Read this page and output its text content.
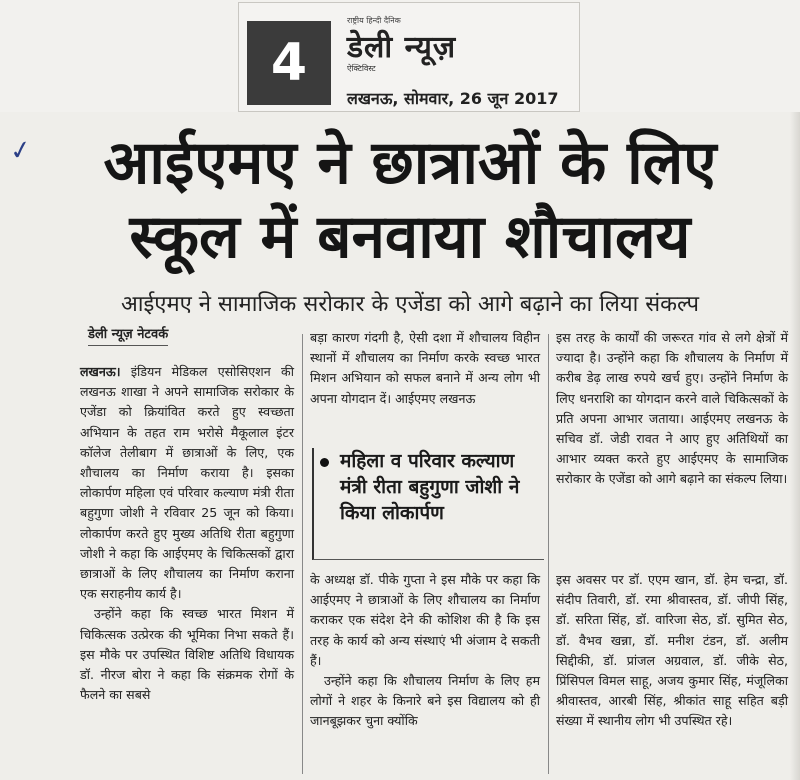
4
राष्ट्रीय हिन्दी दैनिक
डेली न्यूज़
ऐक्टिविस्ट
लखनऊ, सोमवार, 26 जून 2017
✓	आईएमए ने छात्राओं के लिए
स्कूल में बनवाया शौचालय
आईएमए ने सामाजिक सरोकार के एजेंडा को आगे बढ़ाने का लिया संकल्प
डेली न्यूज़ नेटवर्क

लखनऊ। इंडियन मेडिकल एसोसिएशन की लखनऊ शाखा ने अपने सामाजिक सरोकार के एजेंडा को क्रियांवित करते हुए स्वच्छता अभियान के तहत राम भरोसे मैकूलाल इंटर कॉलेज तेलीबाग में छात्राओं के लिए, एक शौचालय का निर्माण कराया है। इसका लोकार्पण महिला एवं परिवार कल्याण मंत्री रीता बहुगुणा जोशी ने रविवार 25 जून को किया। लोकार्पण करते हुए मुख्य अतिथि रीता बहुगुणा जोशी ने कहा कि आईएमए के चिकित्सकों द्वारा छात्राओं के लिए शौचालय का निर्माण कराना एक सराहनीय कार्य है।

उन्होंने कहा कि स्वच्छ भारत मिशन में चिकित्सक उत्प्रेरक की भूमिका निभा सकते हैं। इस मौके पर उपस्थित विशिष्ट अतिथि विधायक डॉ. नीरज बोरा ने कहा कि संक्रमक रोगों के फैलने का सबसे

बड़ा कारण गंदगी है, ऐसी दशा में शौचालय विहीन स्थानों में शौचालय का निर्माण करके स्वच्छ भारत मिशन अभियान को सफल बनाने में अन्य लोग भी अपना योगदान दें। आईएमए लखनऊ
महिला व परिवार कल्याण मंत्री रीता बहुगुणा जोशी ने किया लोकार्पण

के अध्यक्ष डॉ. पीके गुप्ता ने इस मौके पर कहा कि आईएमए ने छात्राओं के लिए शौचालय का निर्माण कराकर एक संदेश देने की कोशिश की है कि इस तरह के कार्य को अन्य संस्थाएं भी अंजाम दे सकती हैं।

उन्होंने कहा कि शौचालय निर्माण के लिए हम लोगों ने शहर के किनारे बने इस विद्यालय को ही जानबूझकर चुना क्योंकि

इस तरह के कार्यों की जरूरत गांव से लगे क्षेत्रों में ज्यादा है। उन्होंने कहा कि शौचालय के निर्माण में करीब डेढ़ लाख रुपये खर्च हुए। उन्होंने निर्माण के लिए धनराशि का योगदान करने वाले चिकित्सकों के प्रति अपना आभार जताया। आईएमए लखनऊ के सचिव डॉ. जेडी रावत ने आए हुए अतिथियों का आभार व्यक्त करते हुए आईएमए के सामाजिक सरोकार के एजेंडा को आगे बढ़ाने का संकल्प लिया।
इस अवसर पर डॉ. एएम खान, डॉ. हेम चन्द्रा, डॉ. संदीप तिवारी, डॉ. रमा श्रीवास्तव, डॉ. जीपी सिंह, डॉ. सरिता सिंह, डॉ. वारिजा सेठ, डॉ. सुमित सेठ, डॉ. वैभव खन्ना, डॉ. मनीश टंडन, डॉ. अलीम सिद्दीकी, डॉ. प्रांजल अग्रवाल, डॉ. जीके सेठ, प्रिंसिपल विमल साहू, अजय कुमार सिंह, मंजूलिका श्रीवास्तव, आरबी सिंह, श्रीकांत साहू सहित बड़ी संख्या में स्थानीय लोग भी उपस्थित रहे।
